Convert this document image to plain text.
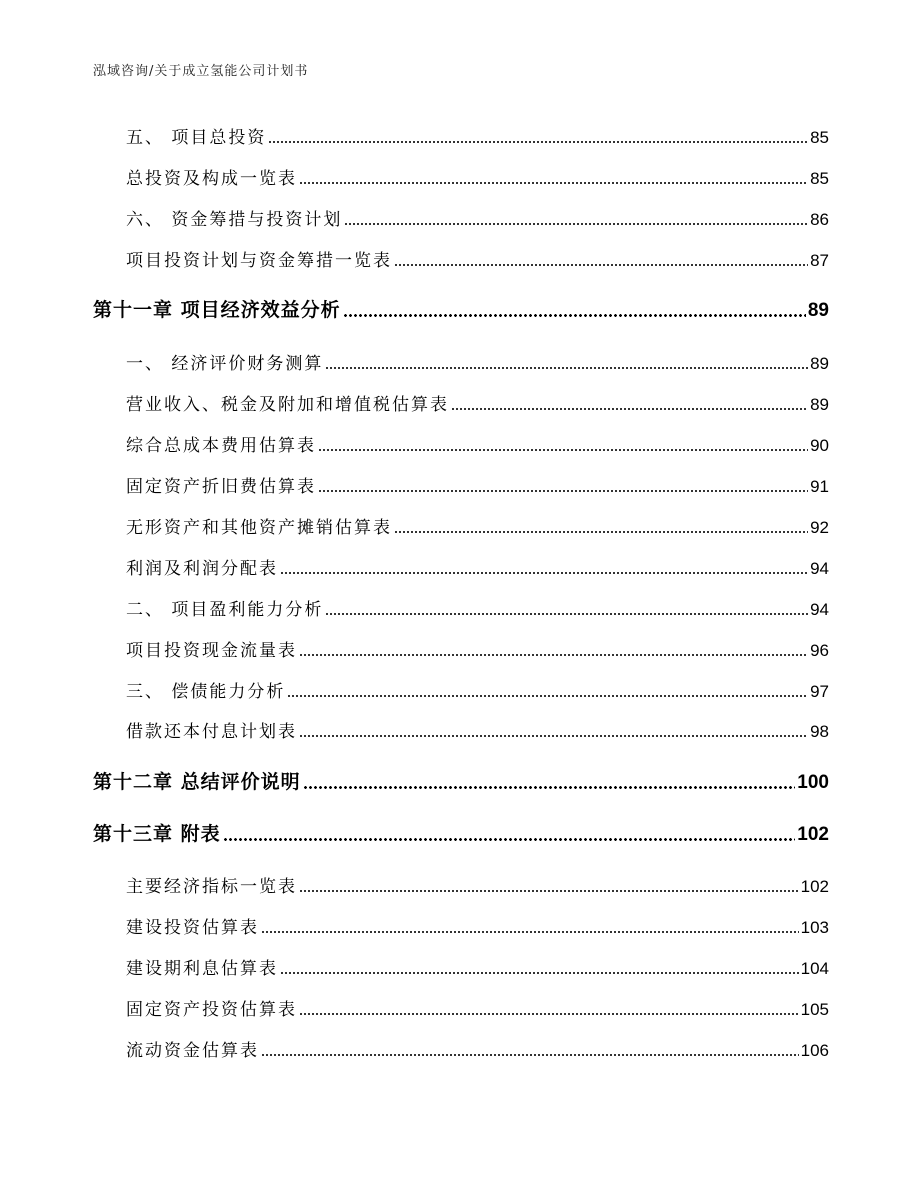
泓域咨询/关于成立氢能公司计划书
五、 项目总投资	85
总投资及构成一览表	85
六、 资金筹措与投资计划	86
项目投资计划与资金筹措一览表	87
第十一章 项目经济效益分析	89
一、 经济评价财务测算	89
营业收入、税金及附加和增值税估算表	89
综合总成本费用估算表	90
固定资产折旧费估算表	91
无形资产和其他资产摊销估算表	92
利润及利润分配表	94
二、 项目盈利能力分析	94
项目投资现金流量表	96
三、 偿债能力分析	97
借款还本付息计划表	98
第十二章 总结评价说明	100
第十三章 附表	102
主要经济指标一览表	102
建设投资估算表	103
建设期利息估算表	104
固定资产投资估算表	105
流动资金估算表	106
